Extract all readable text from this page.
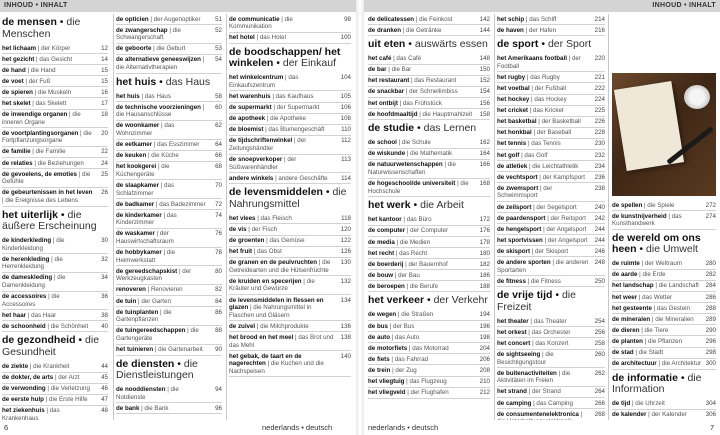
INHOUD • INHALT	INHOUD • INHALT
de mensen • die Menschen
het lichaam | der Körper	12
het gezicht | das Gesicht	14
de hand | die Hand	15
de voet | der Fuß	15
de spieren | die Muskeln	16
het skelet | das Skelett	17
de inwendige organen | die inneren Organe
18
de voortplantingsorganen | die Fortpflanzungsorgane
20
de familie | die Familie	22
de relaties | die Beziehungen	24
de gevoelens, de emoties | die Gefühle
25
de gebeurtenissen in het leven | die Ereignisse des Lebens
26
het uiterlijk • die äußere Erscheinung
de kinderkleding | die Kinderkleidung
30
de herenkleding | die Herrenkleidung
32
de dameskleding | die Damenkleidung
34
de accessoires | die Accessoires
36
het haar | das Haar	38
de schoonheid | die Schönheit	40
de gezondheid • die Gesundheit
de ziekte | die Krankheit	44
de dokter, de arts | der Arzt	45
de verwonding | die Verletzung	46
de eerste hulp | die Erste Hilfe	47
het ziekenhuis | das Krankenhaus
48
de opticien | der Augenoptiker	51
de zwangerschap | die Schwangerschaft
52
de geboorte | die Geburt	53
de alternatieve geneeswijzen | die Alternativtherapien
54
het huis • das Haus
het huis | das Haus	58
de technische voorzieningen | die Hausanschlüsse
60
de woonkamer | das Wohnzimmer
62
de eetkamer | das Esszimmer	64
de keuken | die Küche	66
het kookgerei | die Küchengeräte
68
de slaapkamer | das Schlafzimmer
70
de badkamer | das Badezimmer	72
de kinderkamer | das Kinderzimmer
74
de waskamer | der Hauswirtschaftsraum
76
de hobbykamer | die Heimwerkstatt
78
de gereedschapskist | der Werkzeugkasten
80
renoveren | Renovieren	82
de tuin | der Garten	84
de tuinplanten | die Gartenpflanzen
86
de tuingereedschappen | die Gartengeräte
88
het tuinieren | die Gartenarbeit	90
de diensten • die Dienstleistungen
de nooddiensten | die Notdienste
94
de bank | die Bank	96
de communicatie | die Kommunikation
98
het hotel | das Hotel	100
de boodschappen/ het winkelen • der Einkauf
het winkelcentrum | das Einkaufszentrum
104
het warenhuis | das Kaufhaus	105
de supermarkt | der Supermarkt	106
de apotheek | die Apotheke	108
de bloemist | das Blumengeschäft	110
de tijdschriftenwinkel | der Zeitungshändler
112
de snoepverkoper | der Süßwarenhändler
113
andere winkels | andere Geschäfte	114
de levensmiddelen • die Nahrungsmittel
het vlees | das Fleisch	118
de vis | der Fisch	120
de groenten | das Gemüse	122
het fruit | das Obst	126
de granen en de peulvruchten | die Getreidearten und die Hülsenfrüchte
130
de kruiden en specerijen | die Kräuter und Gewürze
132
de levensmiddelen in flessen en glazen | die Nahrungsmittel in Flaschen und Gläsern
134
de zuivel | die Milchprodukte	136
het brood en het meel | das Brot und das Mehl
138
het gebak, de taart en de nagerechten | die Kuchen und die Nachspeisen
140
de delicatessen | die Feinkost	142
de dranken | die Getränke	144
uit eten • auswärts essen
het café | das Café	148
de bar | die Bar	150
het restaurant | das Restaurant	152
de snackbar | der Schnellimbiss	154
het ontbijt | das Frühstück	156
de hoofdmaaltijd | die Hauptmahlzeit	158
de studie • das Lernen
de school | die Schule	162
de wiskunde | die Mathematik	164
de natuurwetenschappen | die Naturwissenschaften
166
de hogeschool/de universiteit | die Hochschule
168
het werk • die Arbeit
het kantoor | das Büro	172
de computer | der Computer	176
de media | die Medien	178
het recht | das Recht	180
de boerderij | der Bauernhof	182
de bouw | der Bau	186
de beroepen | die Berufe	188
het verkeer • der Verkehr
de wegen | die Straßen	194
de bus | der Bus	196
de auto | das Auto	198
de motorfiets | das Motorrad	204
de fiets | das Fahrrad	206
de trein | der Zug	208
het vliegtuig | das Flugzeug	210
het vliegveld | der Flughafen	212
het schip | das Schiff	214
de haven | der Hafen	216
de sport • der Sport
het Amerikaans football | der Football
220
het rugby | das Rugby	221
het voetbal | der Fußball	222
het hockey | das Hockey	224
het cricket | das Kricket	225
het basketbal | der Basketball	226
het honkbal | der Baseball	228
het tennis | das Tennis	230
het golf | das Golf	232
de atletiek | die Leichtathletik	234
de vechtsport | der Kampfsport	236
de zwemsport | der Schwimmsport
238
de zeilsport | der Segelsport	240
de paardensport | der Reitsport	242
de hengelsport | der Angelsport	244
het sportvissen | der Angelsport	244
de skisport | der Skisport	246
de andere sporten | die anderen Sportarten
248
de fitness | die Fitness	250
de vrije tijd • die Freizeit
het theater | das Theater	254
het orkest | das Orchester	256
het concert | das Konzert	258
de sightseeing | die Besichtigungstour
260
de buitenactiviteiten | die Aktivitäten im Freien
262
het strand | der Strand	264
de camping | das Camping	266
de consumentenelektronica |	268
de spellen | die Spiele	272
de kunstnijverheid | das Kunsthandwerk
274
de wereld om ons heen • die Umwelt
de ruimte | der Weltraum	280
de aarde | die Erde	282
het landschap | die Landschaft	284
het weer | das Wetter	286
het gesteente | das Gestein	288
de mineralen | die Mineralien	289
de dieren | die Tiere	290
de planten | die Pflanzen	296
de stad | die Stadt	298
de architectuur | die Architektur 300
de informatie • die Information
de tijd | die Uhrzeit	304
de kalender | der Kalender	306
6	nederlands • deutsch	nederlands • deutsch	7
